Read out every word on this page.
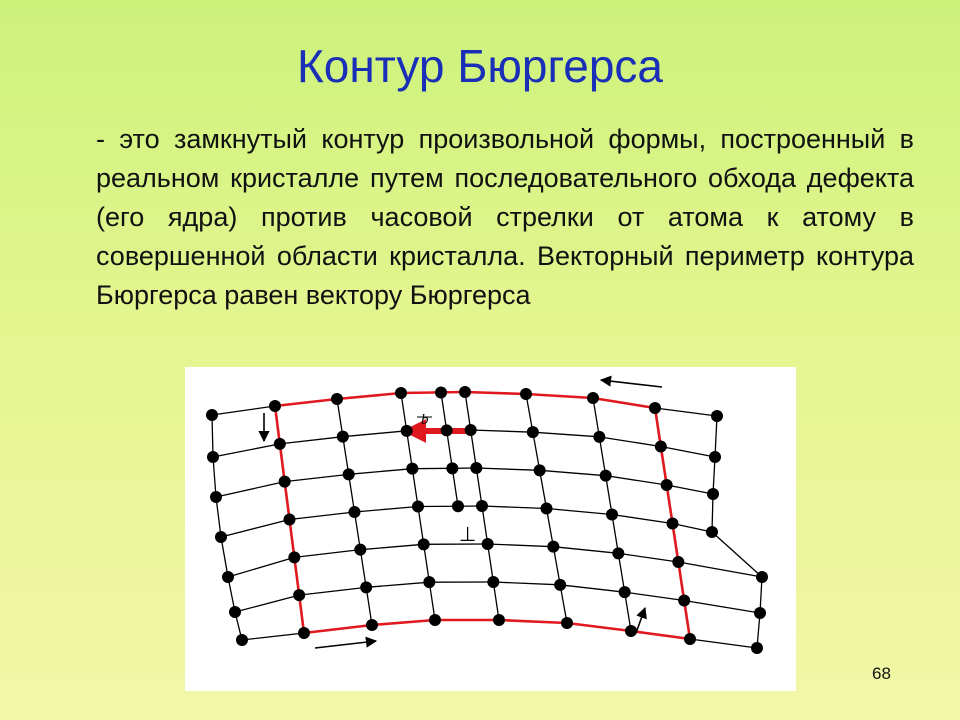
Контур Бюргерса
- это замкнутый контур произвольной формы, построенный в реальном кристалле путем последовательного обхода дефекта (его ядра) против часовой стрелки от атома к атому в совершенной области кристалла. Векторный периметр контура Бюргерса равен вектору Бюргерса
b
⊥
68
